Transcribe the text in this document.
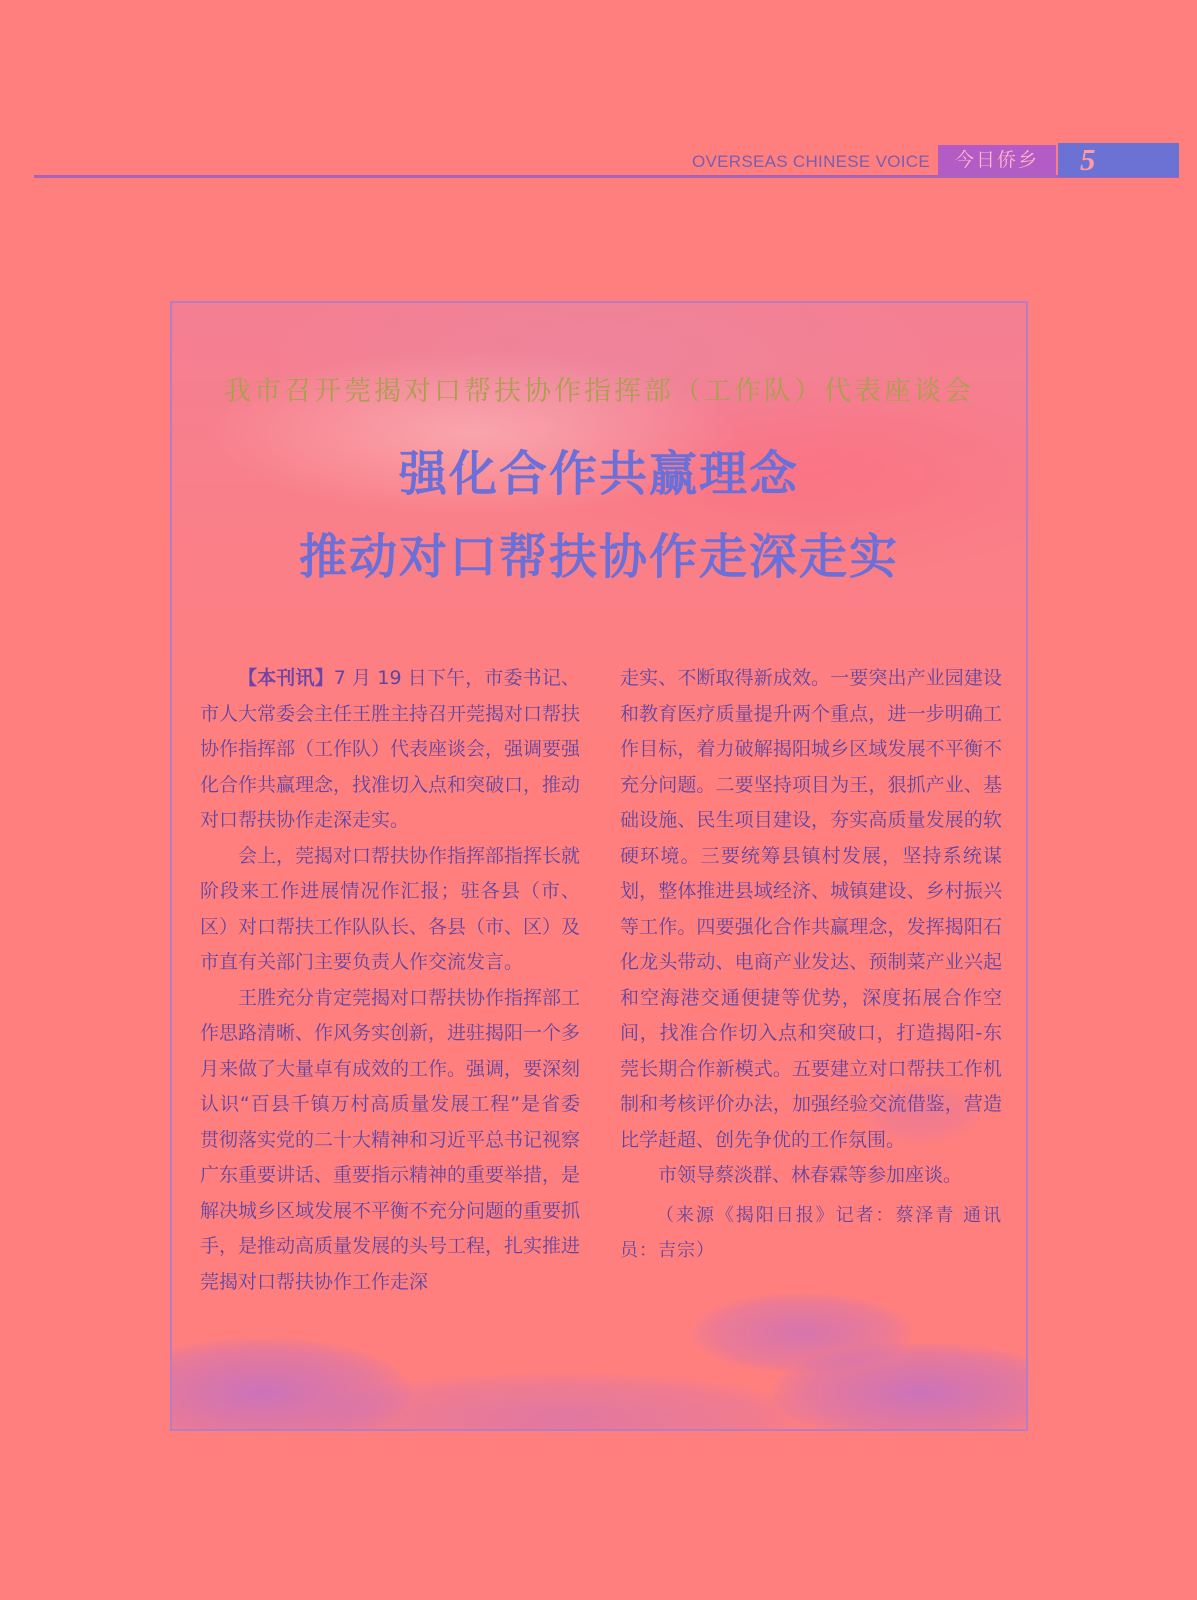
OVERSEAS CHINESE VOICE	今日侨乡	5
我市召开莞揭对口帮扶协作指挥部（工作队）代表座谈会
强化合作共赢理念
推动对口帮扶协作走深走实

【本刊讯】7 月 19 日下午，市委书记、市人大常委会主任王胜主持召开莞揭对口帮扶协作指挥部（工作队）代表座谈会，强调要强化合作共赢理念，找准切入点和突破口，推动对口帮扶协作走深走实。

会上，莞揭对口帮扶协作指挥部指挥长就阶段来工作进展情况作汇报；驻各县（市、区）对口帮扶工作队队长、各县（市、区）及市直有关部门主要负责人作交流发言。

王胜充分肯定莞揭对口帮扶协作指挥部工作思路清晰、作风务实创新，进驻揭阳一个多月来做了大量卓有成效的工作。强调，要深刻认识“百县千镇万村高质量发展工程”是省委贯彻落实党的二十大精神和习近平总书记视察广东重要讲话、重要指示精神的重要举措，是解决城乡区域发展不平衡不充分问题的重要抓手，是推动高质量发展的头号工程，扎实推进莞揭对口帮扶协作工作走深

走实、不断取得新成效。一要突出产业园建设和教育医疗质量提升两个重点，进一步明确工作目标，着力破解揭阳城乡区域发展不平衡不充分问题。二要坚持项目为王，狠抓产业、基础设施、民生项目建设，夯实高质量发展的软硬环境。三要统筹县镇村发展，坚持系统谋划，整体推进县域经济、城镇建设、乡村振兴等工作。四要强化合作共赢理念，发挥揭阳石化龙头带动、电商产业发达、预制菜产业兴起和空海港交通便捷等优势，深度拓展合作空间，找准合作切入点和突破口，打造揭阳-东莞长期合作新模式。五要建立对口帮扶工作机制和考核评价办法，加强经验交流借鉴，营造比学赶超、创先争优的工作氛围。

市领导蔡淡群、林春霖等参加座谈。

（来源《揭阳日报》记者：蔡泽青 通讯员：吉宗）
